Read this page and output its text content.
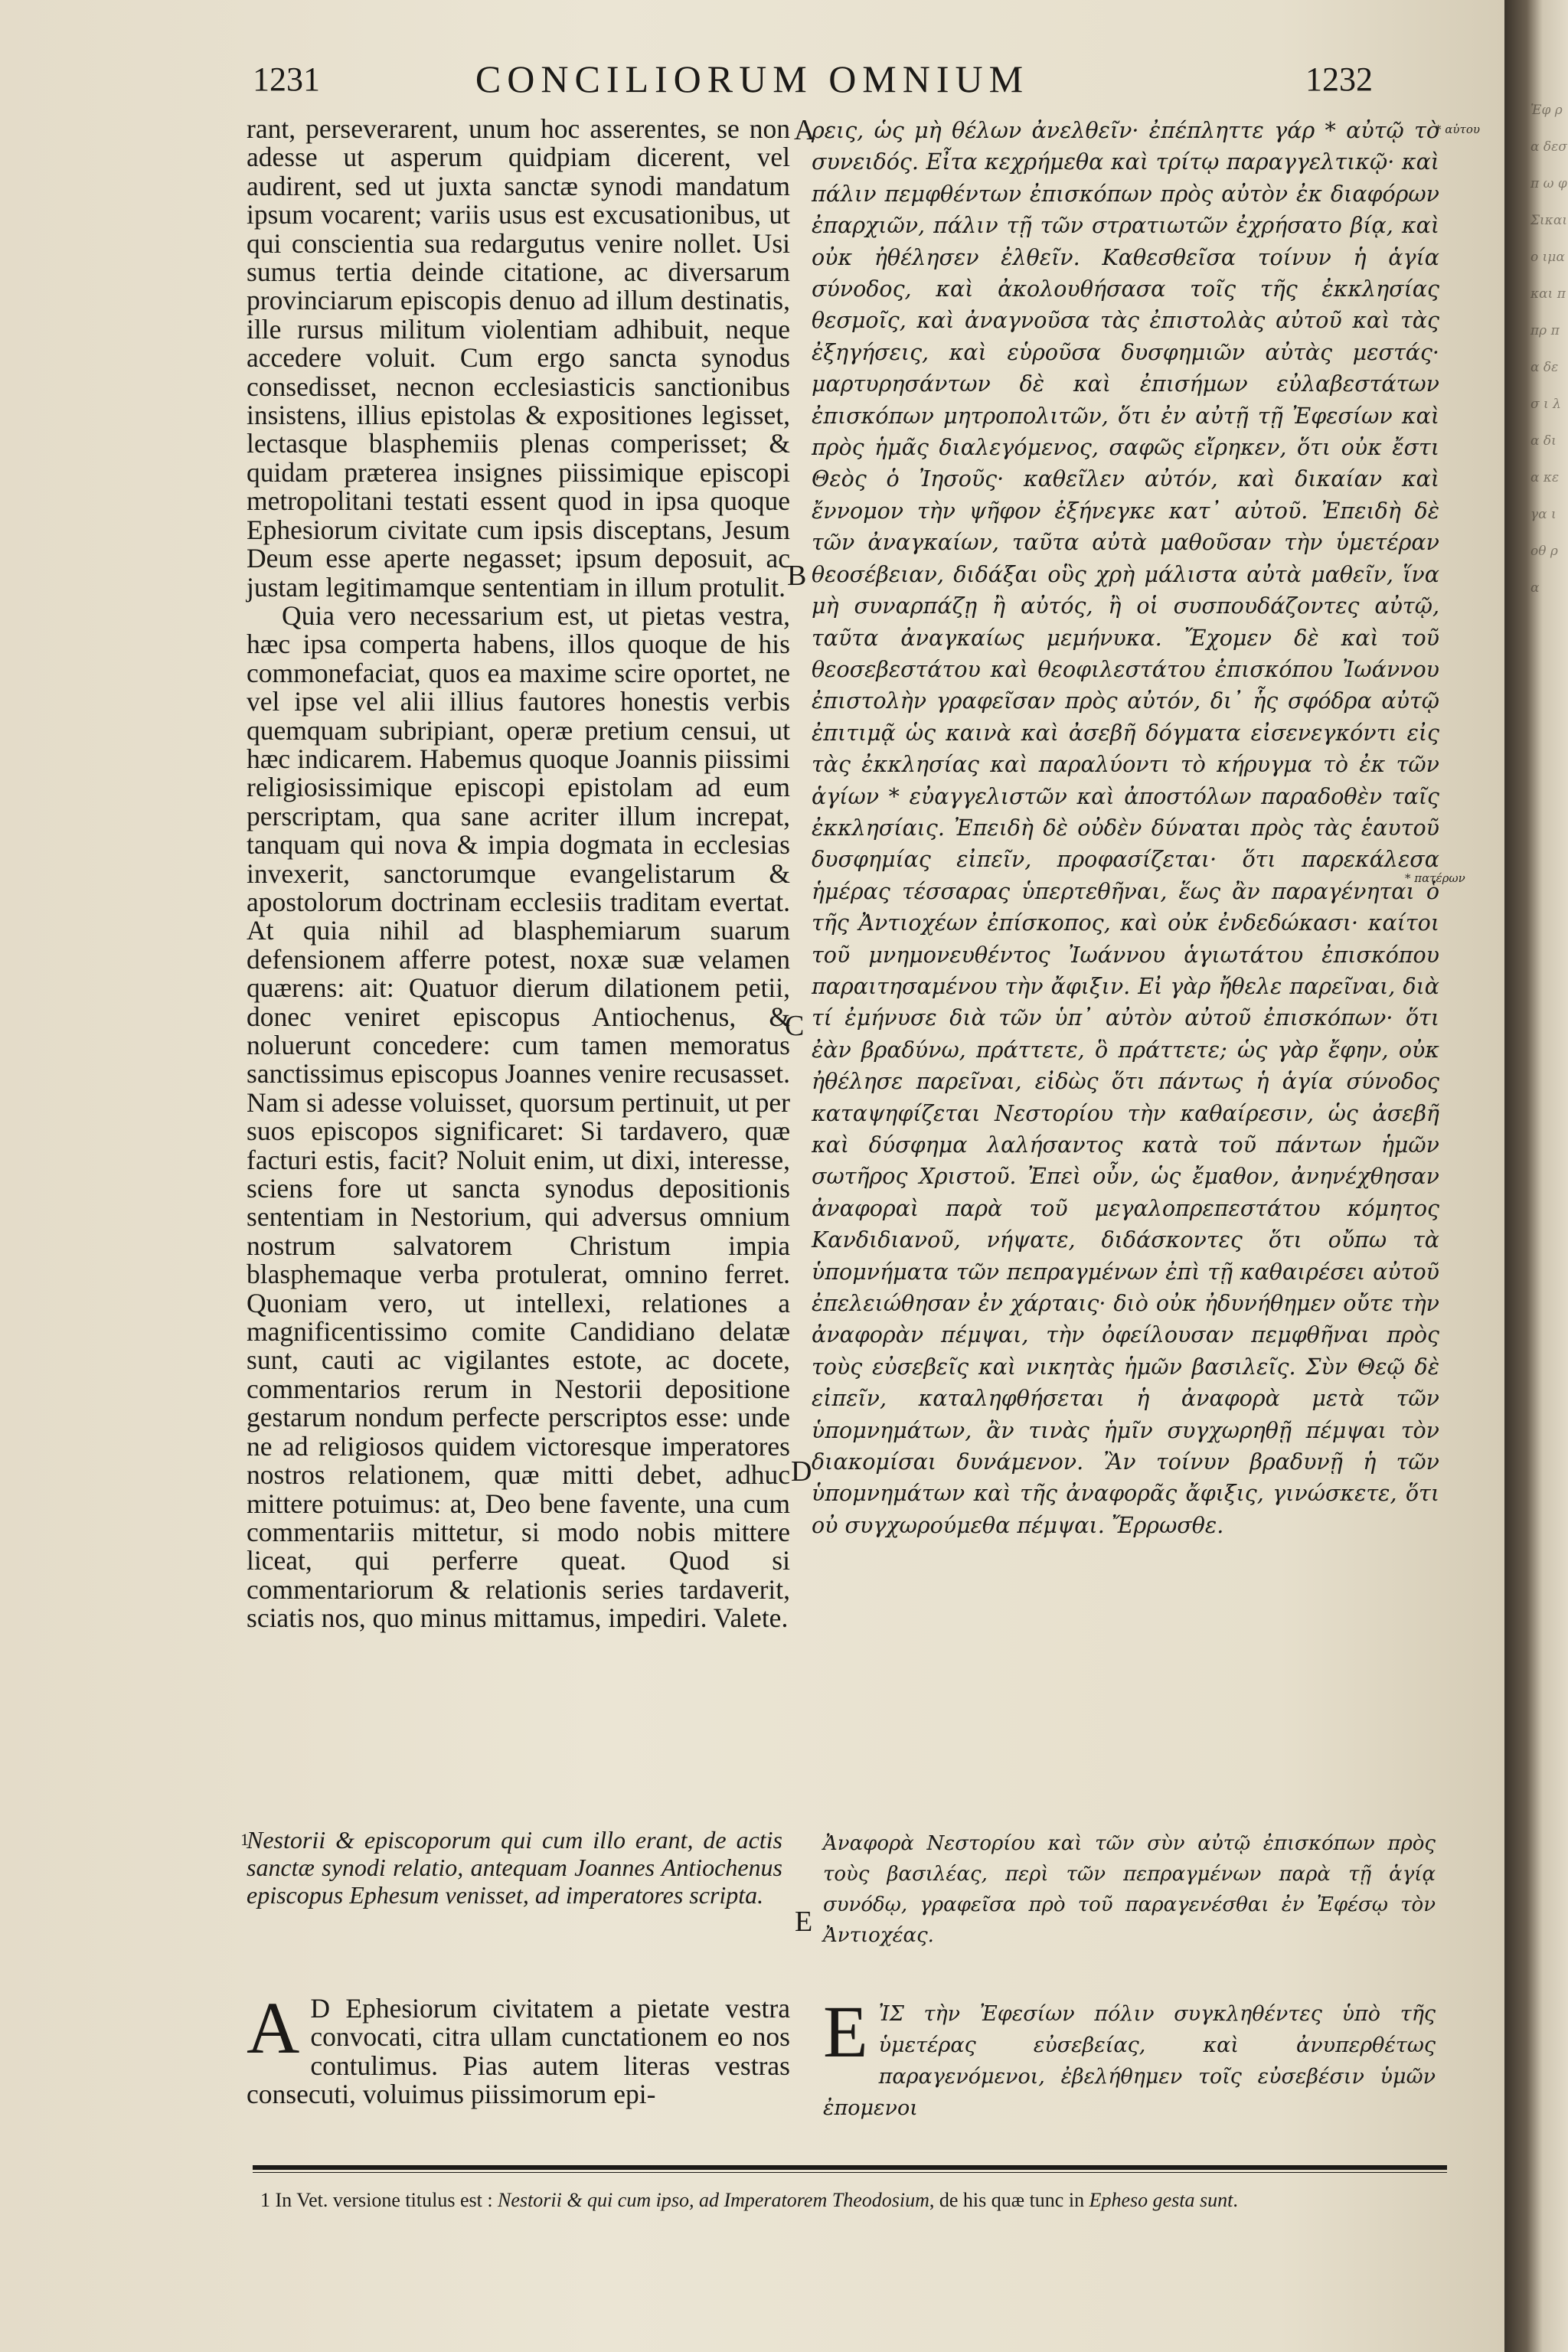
1231	CONCILIORUM OMNIUM	1232

rant, perseverarent, unum hoc asserentes, se non adesse ut asperum quidpiam dicerent, vel audirent, sed ut juxta sanctæ synodi mandatum ipsum vocarent; variis usus est excusationibus, ut qui conscientia sua redargutus venire nollet. Usi sumus tertia deinde citatione, ac diversarum provinciarum episcopis denuo ad illum destinatis, ille rursus militum violentiam adhibuit, neque accedere voluit. Cum ergo sancta synodus consedisset, necnon ecclesiasticis sanctionibus insistens, illius epistolas & expositiones legisset, lectasque blasphemiis plenas comperisset; & quidam præterea insignes piissimique episcopi metropolitani testati essent quod in ipsa quoque Ephesiorum civitate cum ipsis disceptans, Jesum Deum esse aperte negasset; ipsum deposuit, ac justam legitimamque sententiam in illum protulit.

Quia vero necessarium est, ut pietas vestra, hæc ipsa comperta habens, illos quoque de his commonefaciat, quos ea maxime scire oportet, ne vel ipse vel alii illius fautores honestis verbis quemquam subripiant, operæ pretium censui, ut hæc indicarem. Habemus quoque Joannis piissimi religiosissimique episcopi epistolam ad eum perscriptam, qua sane acriter illum increpat, tanquam qui nova & impia dogmata in ecclesias invexerit, sanctorumque evangelistarum & apostolorum doctrinam ecclesiis traditam evertat. At quia nihil ad blasphemiarum suarum defensionem afferre potest, noxæ suæ velamen quærens: ait: Quatuor dierum dilationem petii, donec veniret episcopus Antiochenus, & noluerunt concedere: cum tamen memoratus sanctissimus episcopus Joannes venire recusasset. Nam si adesse voluisset, quorsum pertinuit, ut per suos episcopos significaret: Si tardavero, quæ facturi estis, facit? Noluit enim, ut dixi, interesse, sciens fore ut sancta synodus depositionis sententiam in Nestorium, qui adversus omnium nostrum salvatorem Christum impia blasphemaque verba protulerat, omnino ferret. Quoniam vero, ut intellexi, relationes a magnificentissimo comite Candidiano delatæ sunt, cauti ac vigilantes estote, ac docete, commentarios rerum in Nestorii depositione gestarum nondum perfecte perscriptos esse: unde ne ad religiosos quidem victoresque imperatores nostros relationem, quæ mitti debet, adhuc mittere potuimus: at, Deo bene favente, una cum commentariis mittetur, si modo nobis mittere liceat, qui perferre queat. Quod si commentariorum & relationis series tardaverit, sciatis nos, quo minus mittamus, impediri. Valete.

A
B
C
D
E
* αὐτου
* πατέρων

ρεις, ὡς μὴ θέλων ἀνελθεῖν· ἐπέπληττε γάρ * αὐτῷ τὸ συνειδός. Εἶτα κεχρήμεθα καὶ τρίτῳ παραγγελτικῷ· καὶ πάλιν πεμφθέντων ἐπισκόπων πρὸς αὐτὸν ἐκ διαφόρων ἐπαρχιῶν, πάλιν τῇ τῶν στρατιωτῶν ἐχρήσατο βίᾳ, καὶ οὐκ ἠθέλησεν ἐλθεῖν. Καθεσθεῖσα τοίνυν ἡ ἁγία σύνοδος, καὶ ἀκολουθήσασα τοῖς τῆς ἐκκλησίας θεσμοῖς, καὶ ἀναγνοῦσα τὰς ἐπιστολὰς αὐτοῦ καὶ τὰς ἐξηγήσεις, καὶ εὑροῦσα δυσφημιῶν αὐτὰς μεστάς· μαρτυρησάντων δὲ καὶ ἐπισήμων εὐλαβεστάτων ἐπισκόπων μητροπολιτῶν, ὅτι ἐν αὐτῇ τῇ Ἐφεσίων καὶ πρὸς ἡμᾶς διαλεγόμενος, σαφῶς εἴρηκεν, ὅτι οὐκ ἔστι Θεὸς ὁ Ἰησοῦς· καθεῖλεν αὐτόν, καὶ δικαίαν καὶ ἔννομον τὴν ψῆφον ἐξήνεγκε κατ᾽ αὐτοῦ. Ἐπειδὴ δὲ τῶν ἀναγκαίων, ταῦτα αὐτὰ μαθοῦσαν τὴν ὑμετέραν θεοσέβειαν, διδάξαι οὓς χρὴ μάλιστα αὐτὰ μαθεῖν, ἵνα μὴ συναρπάζῃ ἢ αὐτός, ἢ οἱ συσπουδάζοντες αὐτῷ, ταῦτα ἀναγκαίως μεμήνυκα. Ἔχομεν δὲ καὶ τοῦ θεοσεβεστάτου καὶ θεοφιλεστάτου ἐπισκόπου Ἰωάννου ἐπιστολὴν γραφεῖσαν πρὸς αὐτόν, δι᾽ ἧς σφόδρα αὐτῷ ἐπιτιμᾷ ὡς καινὰ καὶ ἀσεβῆ δόγματα εἰσενεγκόντι εἰς τὰς ἐκκλησίας καὶ παραλύοντι τὸ κήρυγμα τὸ ἐκ τῶν ἁγίων * εὐαγγελιστῶν καὶ ἀποστόλων παραδοθὲν ταῖς ἐκκλησίαις. Ἐπειδὴ δὲ οὐδὲν δύναται πρὸς τὰς ἑαυτοῦ δυσφημίας εἰπεῖν, προφασίζεται· ὅτι παρεκάλεσα ἡμέρας τέσσαρας ὑπερτεθῆναι, ἕως ἂν παραγένηται ὁ τῆς Ἀντιοχέων ἐπίσκοπος, καὶ οὐκ ἐνδεδώκασι· καίτοι τοῦ μνημονευθέντος Ἰωάννου ἁγιωτάτου ἐπισκόπου παραιτησαμένου τὴν ἄφιξιν. Εἰ γὰρ ἤθελε παρεῖναι, διὰ τί ἐμήνυσε διὰ τῶν ὑπ᾽ αὐτὸν αὐτοῦ ἐπισκόπων· ὅτι ἐὰν βραδύνω, πράττετε, ὃ πράττετε; ὡς γὰρ ἔφην, οὐκ ἠθέλησε παρεῖναι, εἰδὼς ὅτι πάντως ἡ ἁγία σύνοδος καταψηφίζεται Νεστορίου τὴν καθαίρεσιν, ὡς ἀσεβῆ καὶ δύσφημα λαλήσαντος κατὰ τοῦ πάντων ἡμῶν σωτῆρος Χριστοῦ. Ἐπεὶ οὖν, ὡς ἔμαθον, ἀνηνέχθησαν ἀναφοραὶ παρὰ τοῦ μεγαλοπρεπεστάτου κόμητος Κανδιδιανοῦ, νήψατε, διδάσκοντες ὅτι οὔπω τὰ ὑπομνήματα τῶν πεπραγμένων ἐπὶ τῇ καθαιρέσει αὐτοῦ ἐπελειώθησαν ἐν χάρταις· διὸ οὐκ ἠδυνήθημεν οὔτε τὴν ἀναφορὰν πέμψαι, τὴν ὀφείλουσαν πεμφθῆναι πρὸς τοὺς εὐσεβεῖς καὶ νικητὰς ἡμῶν βασιλεῖς. Σὺν Θεῷ δὲ εἰπεῖν, καταληφθήσεται ἡ ἀναφορὰ μετὰ τῶν ὑπομνημάτων, ἂν τινὰς ἡμῖν συγχωρηθῇ πέμψαι τὸν διακομίσαι δυνάμενον. Ἂν τοίνυν βραδυνῇ ἡ τῶν ὑπομνημάτων καὶ τῆς ἀναφορᾶς ἄφιξις, γινώσκετε, ὅτι οὐ συγχωρούμεθα πέμψαι. Ἔρρωσθε.

1
Nestorii & episcoporum qui cum illo erant, de actis sanctæ synodi relatio, antequam Joannes Antiochenus episcopus Ephesum venisset, ad imperatores scripta.
Ἀναφορὰ Νεστορίου καὶ τῶν σὺν αὐτῷ ἐπισκόπων πρὸς τοὺς βασιλέας, περὶ τῶν πεπραγμένων παρὰ τῇ ἁγίᾳ συνόδῳ, γραφεῖσα πρὸ τοῦ παραγενέσθαι ἐν Ἐφέσῳ τὸν Ἀντιοχέας.
A D Ephesiorum civitatem a pietate vestra convocati, citra ullam cunctationem eo nos contulimus. Pias autem literas vestras consecuti, voluimus piissimorum epi-
Ε ἸΣ τὴν Ἐφεσίων πόλιν συγκληθέντες ὑπὸ τῆς ὑμετέρας εὐσεβείας, καὶ ἀνυπερθέτως παραγενόμενοι, ἐβελήθημεν τοῖς εὐσεβέσιν ὑμῶν ἐπομενοι
1 In Vet. versione titulus est : Nestorii & qui cum ipso, ad Imperatorem Theodosium, de his quæ tunc in Epheso gesta sunt.
Ἐφ ρ α δεσπ ω φ Σικαι ο ιμα και ππρ πα δε σ ι λα δι α κε γα ι οθ ρ α
